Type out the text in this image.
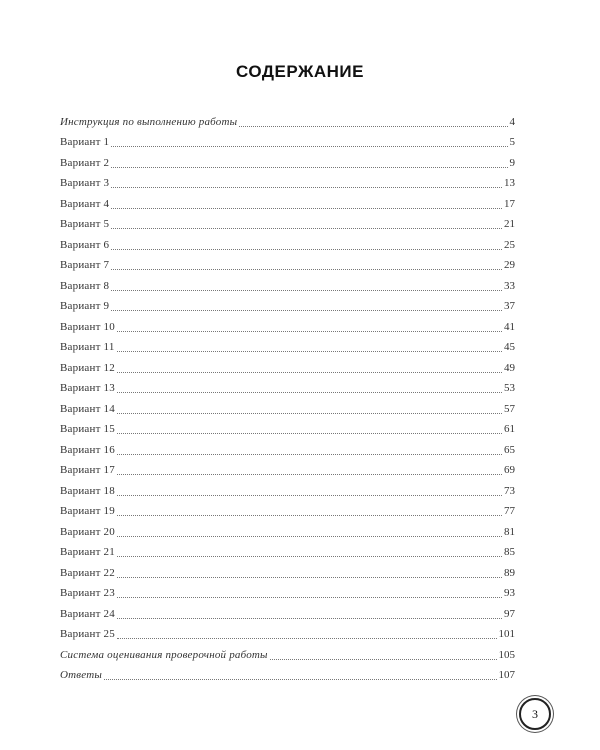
СОДЕРЖАНИЕ
Инструкция по выполнению работы	4
Вариант 1	5
Вариант 2	9
Вариант 3	13
Вариант 4	17
Вариант 5	21
Вариант 6	25
Вариант 7	29
Вариант 8	33
Вариант 9	37
Вариант 10	41
Вариант 11	45
Вариант 12	49
Вариант 13	53
Вариант 14	57
Вариант 15	61
Вариант 16	65
Вариант 17	69
Вариант 18	73
Вариант 19	77
Вариант 20	81
Вариант 21	85
Вариант 22	89
Вариант 23	93
Вариант 24	97
Вариант 25	101
Система оценивания проверочной работы	105
Ответы	107
3
